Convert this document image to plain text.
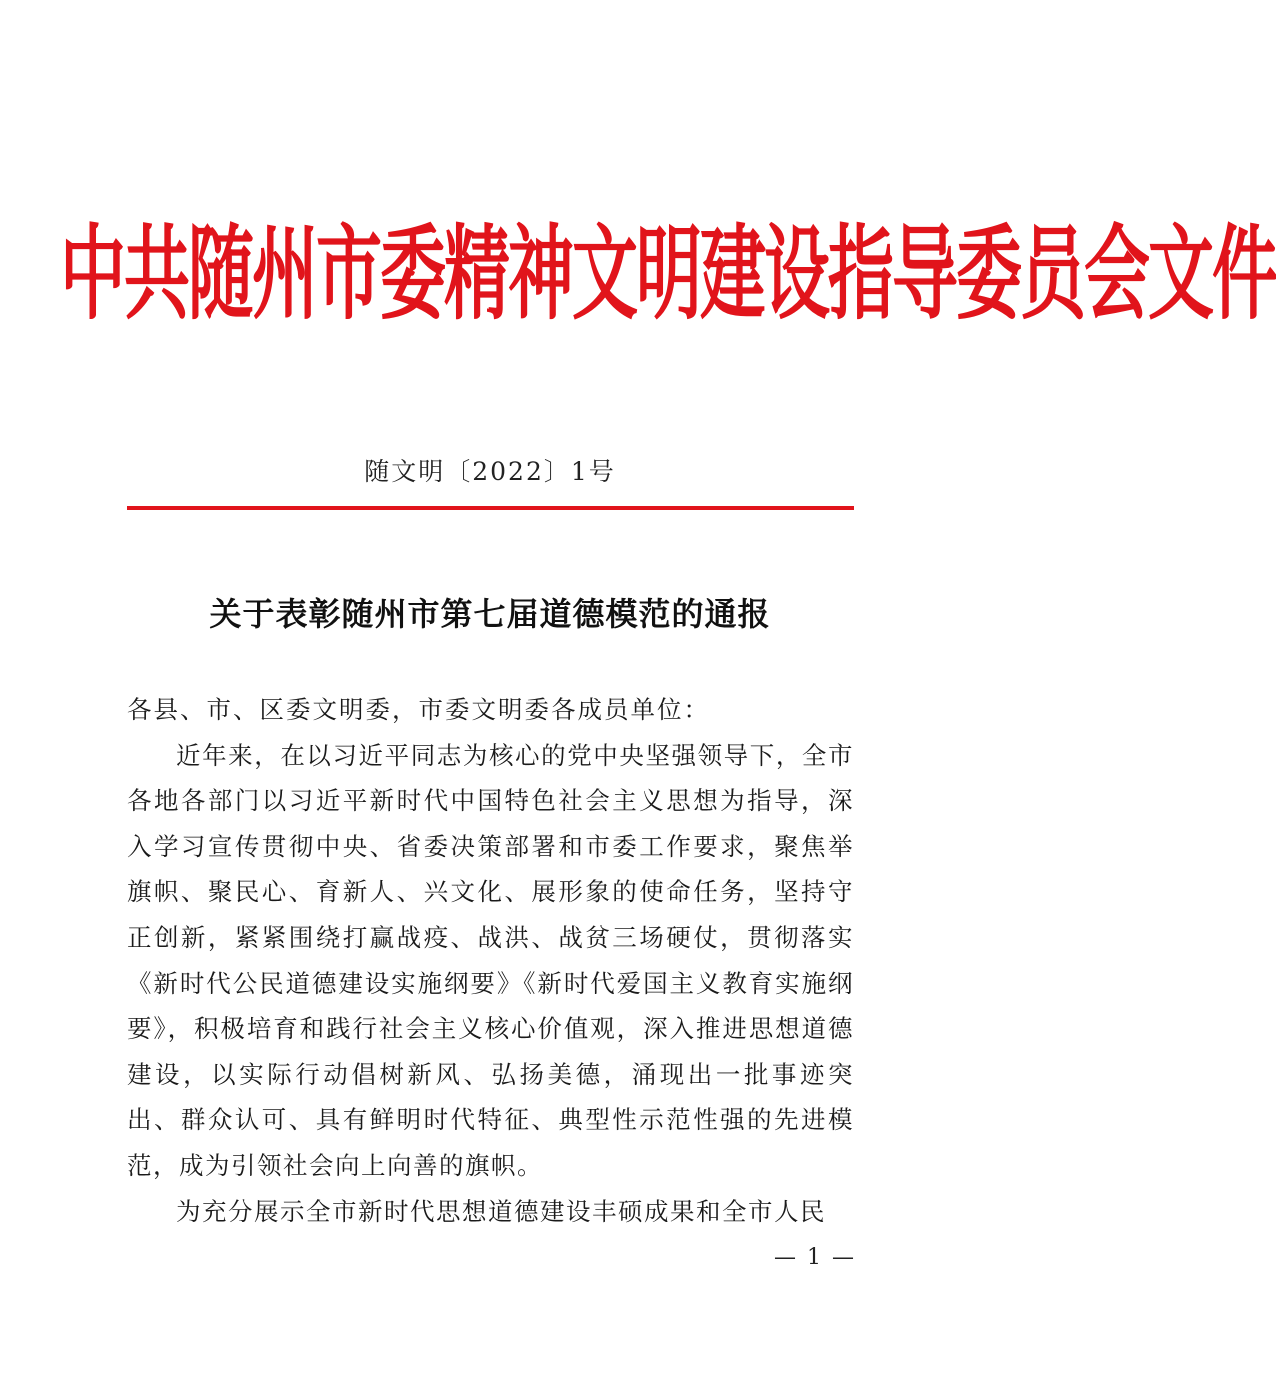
中共随州市委精神文明建设指导委员会文件
随文明〔2022〕1号
关于表彰随州市第七届道德模范的通报

各县、市、区委文明委，市委文明委各成员单位：

近年来，在以习近平同志为核心的党中央坚强领导下，全市各地各部门以习近平新时代中国特色社会主义思想为指导，深入学习宣传贯彻中央、省委决策部署和市委工作要求，聚焦举旗帜、聚民心、育新人、兴文化、展形象的使命任务，坚持守正创新，紧紧围绕打赢战疫、战洪、战贫三场硬仗，贯彻落实《新时代公民道德建设实施纲要》《新时代爱国主义教育实施纲要》，积极培育和践行社会主义核心价值观，深入推进思想道德建设，以实际行动倡树新风、弘扬美德，涌现出一批事迹突出、群众认可、具有鲜明时代特征、典型性示范性强的先进模范，成为引领社会向上向善的旗帜。

为充分展示全市新时代思想道德建设丰硕成果和全市人民

— 1 —
